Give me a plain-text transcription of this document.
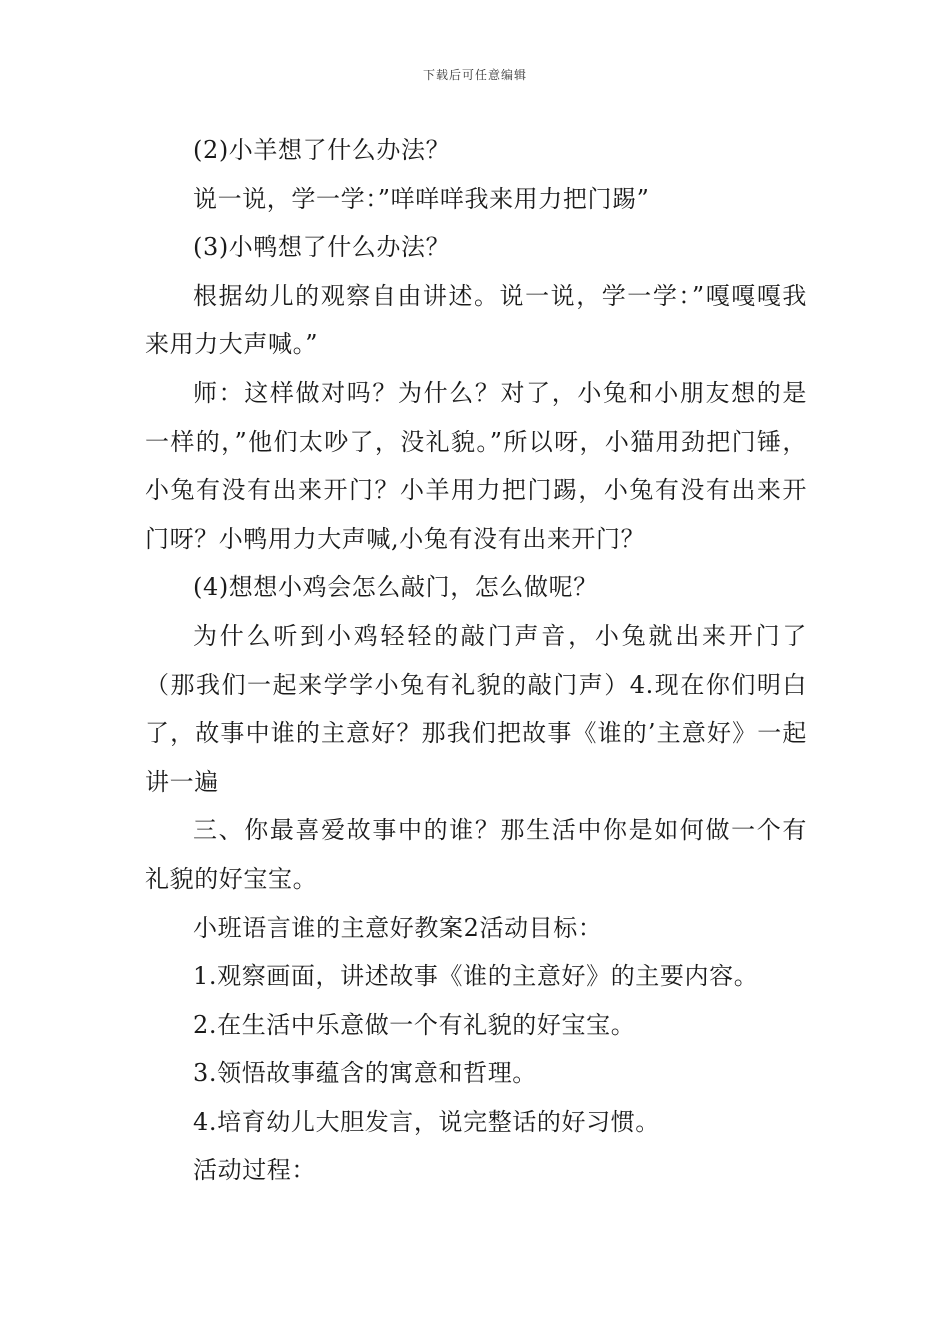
下载后可任意编辑

(2)小羊想了什么办法？

说一说，学一学：”咩咩咩我来用力把门踢”

(3)小鸭想了什么办法？

根据幼儿的观察自由讲述。说一说，学一学：”嘎嘎嘎我来用力大声喊。”

师：这样做对吗？为什么？对了，小兔和小朋友想的是一样的，”他们太吵了，没礼貌。”所以呀，小猫用劲把门锤，小兔有没有出来开门？小羊用力把门踢，小兔有没有出来开门呀？小鸭用力大声喊,小兔有没有出来开门？

(4)想想小鸡会怎么敲门，怎么做呢？

为什么听到小鸡轻轻的敲门声音，小兔就出来开门了（那我们一起来学学小兔有礼貌的敲门声）4.现在你们明白了，故事中谁的主意好？那我们把故事《谁的’主意好》一起讲一遍

三、你最喜爱故事中的谁？那生活中你是如何做一个有礼貌的好宝宝。

小班语言谁的主意好教案2活动目标：

1.观察画面，讲述故事《谁的主意好》的主要内容。

2.在生活中乐意做一个有礼貌的好宝宝。

3.领悟故事蕴含的寓意和哲理。

4.培育幼儿大胆发言，说完整话的好习惯。

活动过程：
